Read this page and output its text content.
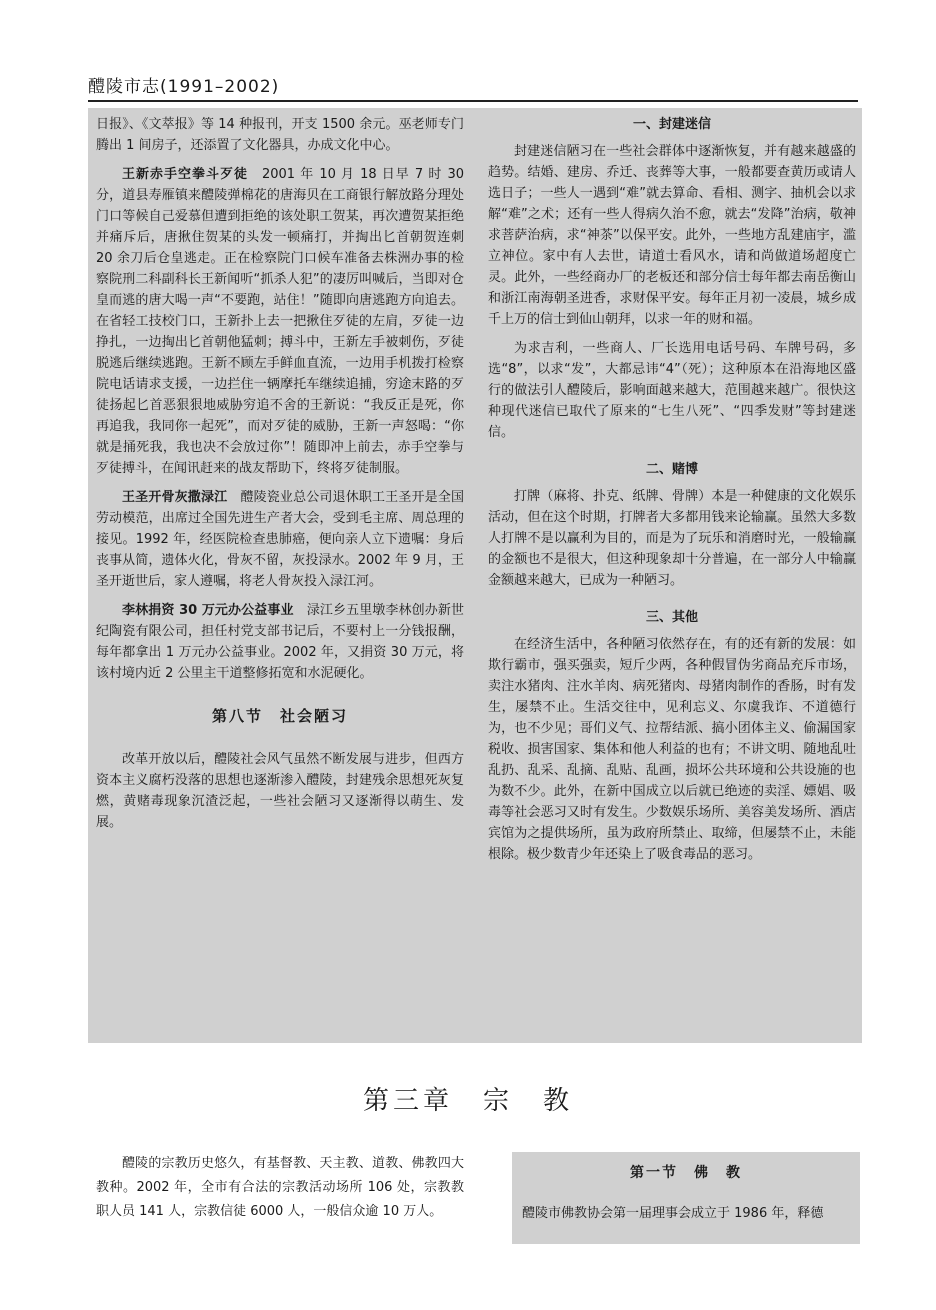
醴陵市志(1991–2002)

日报》、《文萃报》等 14 种报刊，开支 1500 余元。巫老师专门腾出 1 间房子，还添置了文化器具，办成文化中心。

王新赤手空拳斗歹徒　2001 年 10 月 18 日早 7 时 30 分，道县寿雁镇来醴陵弹棉花的唐海贝在工商银行解放路分理处门口等候自己爱慕但遭到拒绝的该处职工贺某，再次遭贺某拒绝并痛斥后，唐揪住贺某的头发一顿痛打，并掏出匕首朝贺连刺 20 余刀后仓皇逃走。正在检察院门口候车准备去株洲办事的检察院刑二科副科长王新闻听“抓杀人犯”的凄厉叫喊后，当即对仓皇而逃的唐大喝一声“不要跑，站住！”随即向唐逃跑方向追去。在省轻工技校门口，王新扑上去一把揪住歹徒的左肩，歹徒一边挣扎，一边掏出匕首朝他猛刺；搏斗中，王新左手被刺伤，歹徒脱逃后继续逃跑。王新不顾左手鲜血直流，一边用手机拨打检察院电话请求支援，一边拦住一辆摩托车继续追捕，穷途末路的歹徒扬起匕首恶狠狠地威胁穷追不舍的王新说：“我反正是死，你再追我，我同你一起死”，而对歹徒的威胁，王新一声怒喝：“你就是捅死我，我也决不会放过你”！随即冲上前去，赤手空拳与歹徒搏斗，在闻讯赶来的战友帮助下，终将歹徒制服。

王圣开骨灰撒渌江　醴陵瓷业总公司退休职工王圣开是全国劳动模范，出席过全国先进生产者大会，受到毛主席、周总理的接见。1992 年，经医院检查患肺癌，便向亲人立下遗嘱：身后丧事从简，遗体火化，骨灰不留，灰投渌水。2002 年 9 月，王圣开逝世后，家人遵嘱，将老人骨灰投入渌江河。

李林捐资 30 万元办公益事业　渌江乡五里墩李林创办新世纪陶瓷有限公司，担任村党支部书记后，不要村上一分钱报酬，每年都拿出 1 万元办公益事业。2002 年，又捐资 30 万元，将该村境内近 2 公里主干道整修拓宽和水泥硬化。

第八节　社会陋习

改革开放以后，醴陵社会风气虽然不断发展与进步，但西方资本主义腐朽没落的思想也逐渐渗入醴陵，封建残余思想死灰复燃，黄赌毒现象沉渣泛起，一些社会陋习又逐渐得以萌生、发展。

一、封建迷信

封建迷信陋习在一些社会群体中逐渐恢复，并有越来越盛的趋势。结婚、建房、乔迁、丧葬等大事，一般都要查黄历或请人选日子；一些人一遇到“难”就去算命、看相、测字、抽机会以求解“难”之术；还有一些人得病久治不愈，就去“发降”治病，敬神求菩萨治病，求“神茶”以保平安。此外，一些地方乱建庙宇，滥立神位。家中有人去世，请道士看风水，请和尚做道场超度亡灵。此外，一些经商办厂的老板还和部分信士每年都去南岳衡山和浙江南海朝圣进香，求财保平安。每年正月初一凌晨，城乡成千上万的信士到仙山朝拜，以求一年的财和福。

为求吉利，一些商人、厂长选用电话号码、车牌号码，多选“8”，以求“发”，大都忌讳“4”（死）；这种原本在沿海地区盛行的做法引人醴陵后，影响面越来越大，范围越来越广。很快这种现代迷信已取代了原来的“七生八死”、“四季发财”等封建迷信。

二、赌博

打牌（麻将、扑克、纸牌、骨牌）本是一种健康的文化娱乐活动，但在这个时期，打牌者大多都用钱来论输赢。虽然大多数人打牌不是以赢利为目的，而是为了玩乐和消磨时光，一般输赢的金额也不是很大，但这种现象却十分普遍，在一部分人中输赢金额越来越大，已成为一种陋习。

三、其他

在经济生活中，各种陋习依然存在，有的还有新的发展：如欺行霸市，强买强卖，短斤少两，各种假冒伪劣商品充斥市场，卖注水猪肉、注水羊肉、病死猪肉、母猪肉制作的香肠，时有发生，屡禁不止。生活交往中，见利忘义、尔虞我诈、不道德行为，也不少见；哥们义气、拉帮结派、搞小团体主义、偷漏国家税收、损害国家、集体和他人利益的也有；不讲文明、随地乱吐乱扔、乱采、乱摘、乱贴、乱画，损坏公共环境和公共设施的也为数不少。此外，在新中国成立以后就已绝迹的卖淫、嫖娼、吸毒等社会恶习又时有发生。少数娱乐场所、美容美发场所、酒店宾馆为之提供场所，虽为政府所禁止、取缔，但屡禁不止，未能根除。极少数青少年还染上了吸食毒品的恶习。

第三章　宗　教

醴陵的宗教历史悠久，有基督教、天主教、道教、佛教四大教种。2002 年，全市有合法的宗教活动场所 106 处，宗教教职人员 141 人，宗教信徒 6000 人，一般信众逾 10 万人。

第一节　佛　教

醴陵市佛教协会第一届理事会成立于 1986 年，释德
